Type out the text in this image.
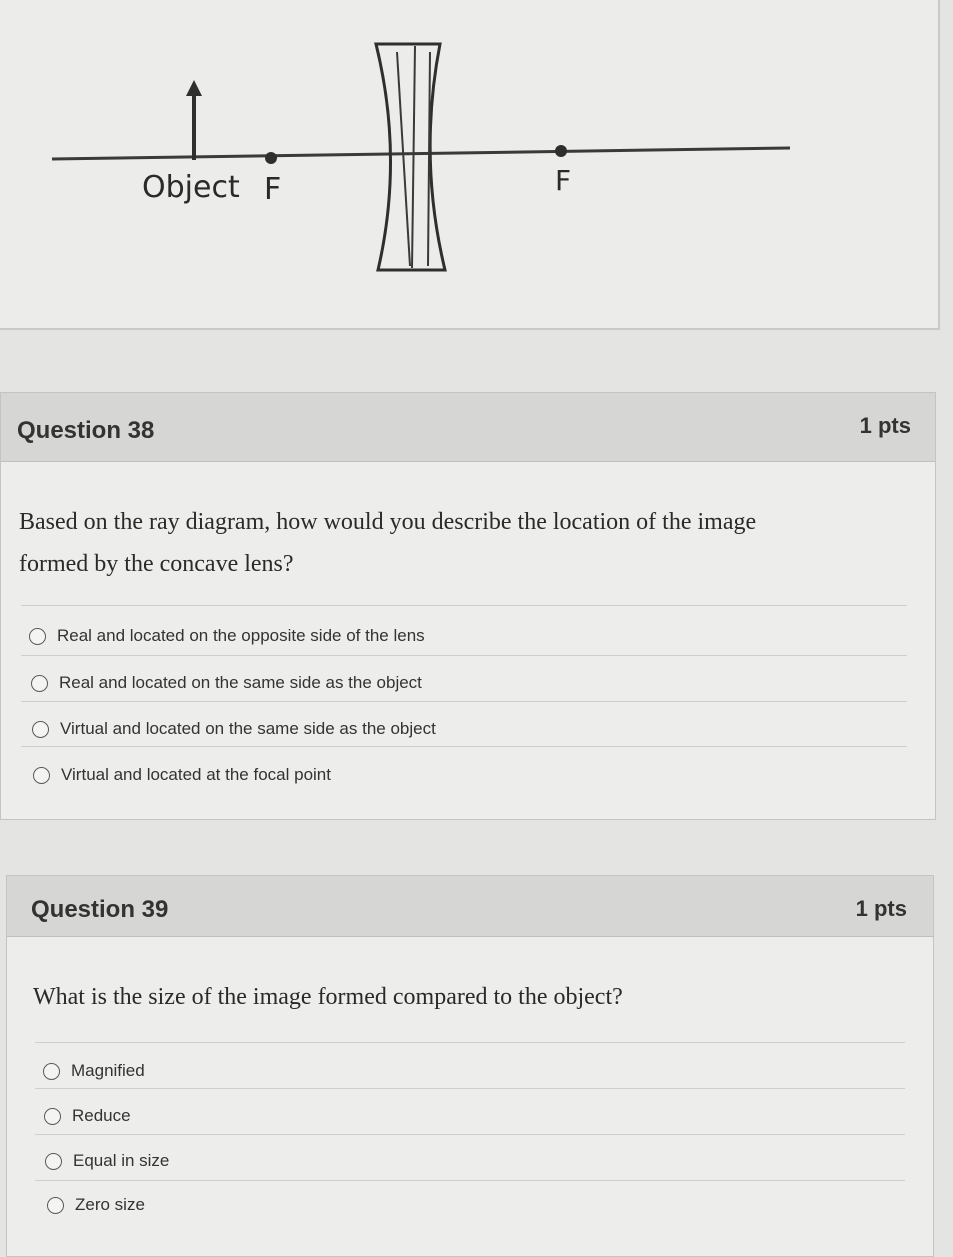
Object F	F
Question 38	1 pts
Based on the ray diagram, how would you describe the location of the image
formed by the concave lens?
Real and located on the opposite side of the lens
Real and located on the same side as the object
Virtual and located on the same side as the object
Virtual and located at the focal point
Question 39	1 pts
What is the size of the image formed compared to the object?
Magnified
Reduce
Equal in size
Zero size
